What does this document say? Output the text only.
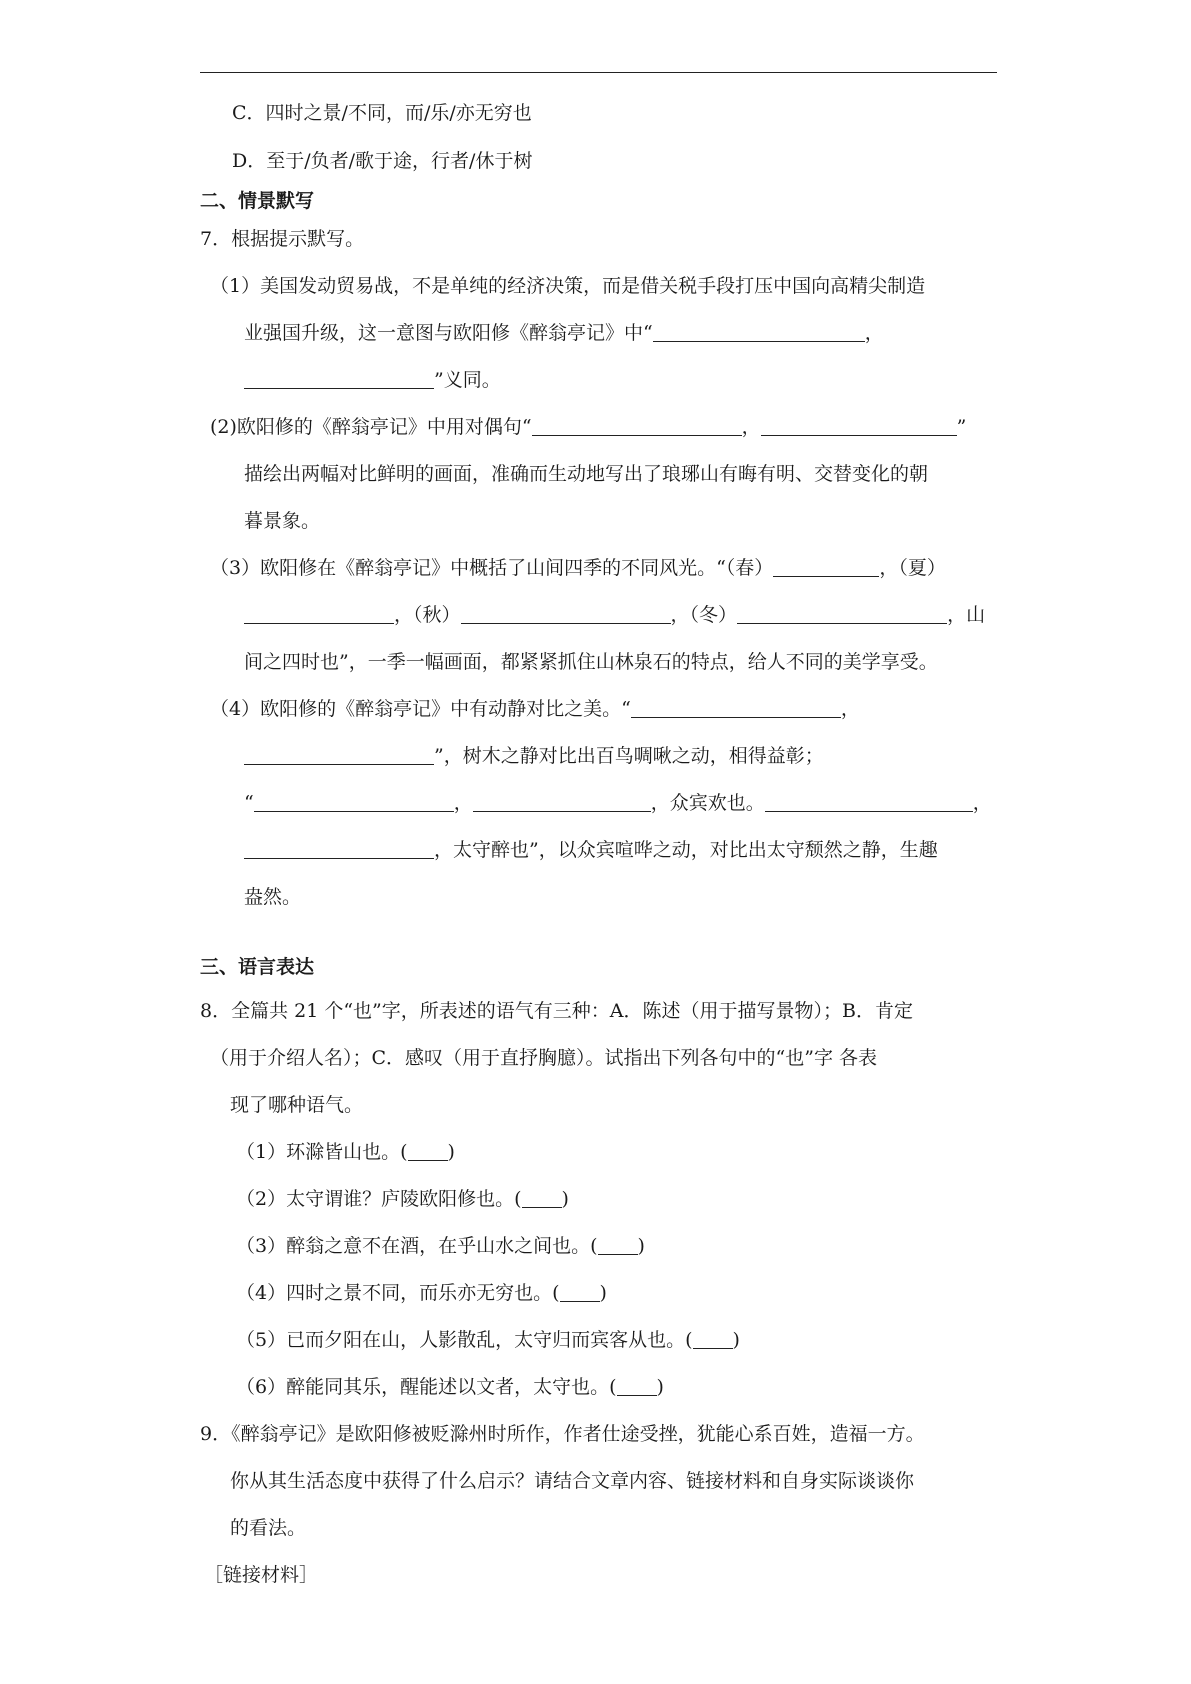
C．四时之景/不同，而/乐/亦无穷也
D．至于/负者/歌于途，行者/休于树
二、情景默写
7．根据提示默写。
（1）美国发动贸易战，不是单纯的经济决策，而是借关税手段打压中国向高精尖制造
业强国升级，这一意图与欧阳修《醉翁亭记》中“	，
”义同。
(2)欧阳修的《醉翁亭记》中用对偶句“	，	”
描绘出两幅对比鲜明的画面，准确而生动地写出了琅琊山有晦有明、交替变化的朝
暮景象。
（3）欧阳修在《醉翁亭记》中概括了山间四季的不同风光。“（春）	，（夏）
，（秋）	，（冬）	，山
间之四时也”，一季一幅画面，都紧紧抓住山林泉石的特点，给人不同的美学享受。
（4）欧阳修的《醉翁亭记》中有动静对比之美。“	，
”，树木之静对比出百鸟啁啾之动，相得益彰；
“	，	，众宾欢也。	，
，太守醉也”，以众宾喧哗之动，对比出太守颓然之静，生趣
盎然。
三、语言表达
8．全篇共 21 个“也”字，所表述的语气有三种：A．陈述（用于描写景物）；B．肯定
（用于介绍人名）；C．感叹（用于直抒胸臆）。试指出下列各句中的“也”字 各表
现了哪种语气。
（1）环滁皆山也。( )
（2）太守谓谁？庐陵欧阳修也。( )
（3）醉翁之意不在酒，在乎山水之间也。( )
（4）四时之景不同，而乐亦无穷也。( )
（5）已而夕阳在山，人影散乱，太守归而宾客从也。( )
（6）醉能同其乐，醒能述以文者，太守也。( )
9．《醉翁亭记》是欧阳修被贬滁州时所作，作者仕途受挫，犹能心系百姓，造福一方。
你从其生活态度中获得了什么启示？请结合文章内容、链接材料和自身实际谈谈你
的看法。
［链接材料］
